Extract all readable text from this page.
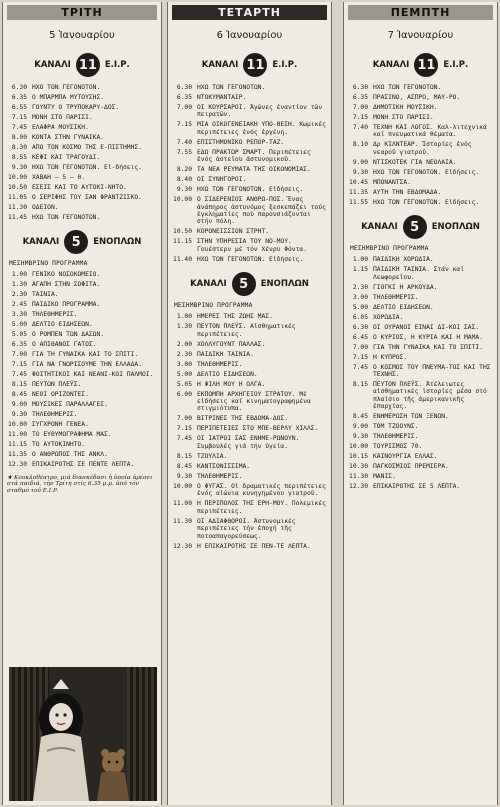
ΤΡΙΤΗ
5 Ἰανουαρίου
ΚΑΝΑΛΙ 11 Ε.Ι.Ρ.
6.30 ΗΧΟ ΤΟΝ ΓΕΓΟΝΟΤΟΝ.
6.35 Ο ΜΠΑΡΜΠΑ ΜΥΤΟΥΣΗΣ.
6.55 ΓΟΥΝΤΥ Ο ΤΡΥΠΟΚΑΡΥ-ΔΟΣ.
7.15 ΜΟΝΗ ΣΤΟ ΠΑΡΙΣΙ.
7.45 ΕΛΑΦΡΑ ΜΟΥΣΙΚΗ.
8.00 ΚΟΝΤΑ ΣΤΗΝ ΓΥΝΑΙΚΑ.
8.30 ΑΠΟ ΤΟΝ ΚΟΣΜΟ ΤΗΣ Ε-ΠΙΣΤΗΜΗΣ.
8.55 ΚΕΦΙ ΚΑΙ ΤΡΑΓΟΥΔΙ.
9.30 ΗΧΩ ΤΩΝ ΓΕΓΟΝΟΤΩΝ. Εἰ-δήσεις.
10.00 ΧΑΒΑΗ — 5 — 0.
10.50 ΕΣΕΙΣ ΚΑΙ ΤΟ ΑΥΤΟΚΙ-ΝΗΤΟ.
11.05 Ο ΣΕΡΙΦΗΣ ΤΟΥ ΣΑΝ ΦΡΑΝΤΖΙΣΚΟ.
11.30 ΟΔΕΙΟΝ.
11.45 ΗΧΩ ΤΩΝ ΓΕΓΟΝΟΤΩΝ.
ΚΑΝΑΛΙ 5	ΕΝΟΠΛΩΝ
ΜΕΣΗΜΒΡΙΝΟ ΠΡΟΓΡΑΜΜΑ
1.00 ΓΕΝΙΚΟ ΝΟΣΟΚΟΜΕΙΟ.
1.30 ΑΓΑΠΗ ΣΤΗΝ ΣΟΦΙΤΑ.
2.30 ΤΑΙΝΙΑ.
2.45 ΠΑΙΔΙΚΟ ΠΡΟΓΡΑΜΜΑ.
3.30 ΤΗΛΕΘΗΜΕΡΙΣ.
5.00 ΔΕΛΤΙΟ ΕΙΔΗΣΕΩΝ.
5.05 Ο ΡΟΜΠΕΝ ΤΩΝ ΔΑΣΩΝ.
6.35 Ο ΑΠΙΘΑΝΟΣ ΓΑΤΟΣ.
7.00 ΓΙΑ ΤΗ ΓΥΝΑΙΚΑ ΚΑΙ ΤΟ ΣΠΙΤΙ.
7.15 ΓΙΑ ΝΑ ΓΝΩΡΙΣΟΥΜΕ ΤΗΝ ΕΛΛΑΔΑ.
7.45 ΦΟΙΤΗΤΙΚΟΙ ΚΑΙ ΝΕΑΝΙ-ΚΟΙ ΠΑΛΜΟΙ.
8.15 ΠΕΥΤΩΝ ΠΛΕΫΣ.
8.45 ΝΕΟΙ ΟΡΙΖΟΝΤΕΣ.
9.00 ΜΟΥΣΙΚΕΣ ΠΑΡΑΛΛΑΓΕΣ.
9.30 ΤΗΛΕΘΗΜΕΡΙΣ.
10.00 ΣΥΓΧΡΟΝΗ ΓΕΝΕΑ.
11.00 ΤΟ ΕΥΘΥΜΟΓΡΑΦΗΜΑ ΜΑΣ.
11.15 ΤΟ ΑΥΤΟΚΙΝΗΤΟ.
11.35 Ο ΑΝΘΡΩΠΟΣ ΤΗΣ ΑΝΚΛ.
12.30 ΕΠΙΚΑΙΡΟΤΗΣ ΣΕ ΠΕΝΤΕ ΛΕΠΤΑ.
★ Κουκλοθέατρο, μιά διασκέδασι ἡ ὁποία ἀρέσει στά παιδιά, τήν Τρίτη στίς 6.35 μ.μ. ἀπό τόν σταθμό τοῦ Ε.Ι.Ρ.
ΤΕΤΑΡΤΗ
6 Ἰανουαρίου
ΚΑΝΑΛΙ 11 Ε.Ι.Ρ.
6.30 ΗΧΩ ΤΩΝ ΓΕΓΟΝΟΤΩΝ.
6.35 ΝΤΟΚΥΜΑΝΤΑΙΡ.
7.00 ΟΙ ΚΟΥΡΣΑΡΟΙ. Ἀγῶνες ἐναντίον τῶν πειρατῶν.
7.15 ΜΙΑ ΟΙΚΟΓΕΝΕΙΑΚΗ ΥΠΟ-ΘΕΣΗ. Κωμικές περιπέτειες ἑνός ἐργένη.
7.40 ΕΠΙΣΤΗΜΟΝΙΚΟ ΡΕΠΟΡ-ΤΑΖ.
7.55 ΕΔΩ ΠΡΑΚΤΩΡ ΣΜΑΡΤ. Περιπέτειες ἑνός ἀστεῖου ἀστυνομικοῦ.
8.20 ΤΑ ΝΕΑ ΡΕΥΜΑΤΑ ΤΗΣ ΟΙΚΟΝΟΜΙΑΣ.
8.40 ΟΙ ΣΥΝΗΓΟΡΟΙ.
9.30 ΗΧΩ ΤΩΝ ΓΕΓΟΝΟΤΩΝ. Εἰδήσεις.
10.00 Ο ΣΙΔΕΡΕΝΙΟΣ ΑΝΘΡΩ-ΠΟΣ. Ἕνας ἀνάπηρος ἀστυνόμος ξεσκεπάζει τούς ἐγκληματίες ποὺ παρουσιάζονται στήν πόλη.
10.50 ΚΟΡΟΝΕΙΣΣΙΟΝ ΣΤΡΗΤ.
11.15 ΣΤΗΝ ΥΠΗΡΕΣΙΑ ΤΟΥ ΝΟ-ΜΟΥ. Γουέστερν μέ τόν Χένρυ Φόντα.
11.40 ΗΧΩ ΤΩΝ ΓΕΓΟΝΟΤΩΝ. Εἰδήσεις.
ΚΑΝΑΛΙ 5	ΕΝΟΠΛΩΝ
ΜΕΣΗΜΒΡΙΝΟ ΠΡΟΓΡΑΜΜΑ
1.00 ΗΜΕΡΕΣ ΤΗΣ ΖΩΗΣ ΜΑΣ.
1.30 ΠΕΥΤΟΝ ΠΛΕΫΣ. Αἰσθηματικές περιπέτειες.
2.00 ΧΟΛΛΥΓΟΥΝΤ ΠΑΛΛΑΣ.
2.30 ΠΑΙΔΙΚΗ ΤΑΙΝΙΑ.
3.00 ΤΗΛΕΘΗΜΕΡΙΣ.
5.00 ΔΕΛΤΙΟ ΕΙΔΗΣΕΩΝ.
5.05 Η ΦΙΛΗ ΜΟΥ Η ΟΛΓΑ.
6.00 ΕΚΠΟΜΠΗ ΑΡΧΗΓΕΙΟΥ ΣΤΡΑΤΟΥ. Μέ εἰδήσεις καί κινηματογραφημένα στιγμιότυπα.
7.00 ΒΙΤΡΙΝΕΣ ΤΗΣ ΕΒΔΟΜΑ-ΔΟΣ.
7.15 ΠΕΡΙΠΕΤΕΙΕΣ ΣΤΟ ΜΠΕ-ΒΕΡΛΥ ΧΙΛΛΣ.
7.45 ΟΙ ΙΑΤΡΟΙ ΣΑΣ ΕΝΗΜΕ-ΡΩΝΟΥΝ. Συμβουλές γιά τήν ὑγεία.
8.15 ΤΖΟΥΛΙΑ.
8.45 ΚΑΝΤΣΟΝΙΣΣΙΜΑ.
9.30 ΤΗΛΕΘΗΜΕΡΙΣ.
10.00 Ο ΦΥΓΑΣ. Οἱ δραματικές περιπέτειες ἑνός αἰώνια κυνηγημένου γιατροῦ.
11.00 Η ΠΕΡΙΠΟΛΟΣ ΤΗΣ ΕΡΗ-ΜΟΥ. Πολεμικές περιπέτειες.
11.30 ΟΙ ΑΔΙΑΦΘΟΡΟΙ. Ἀστυνομικές περιπέτειες τήν ἐποχή τῆς ποτοαπαγορεύσεως.
12.30 Η ΕΠΙΚΑΙΡΟΤΗΣ ΣΕ ΠΕΝ-ΤΕ ΛΕΠΤΑ.
ΠΕΜΠΤΗ
7 Ἰανουαρίου
ΚΑΝΑΛΙ 11 Ε.Ι.Ρ.
6.30 ΗΧΩ ΤΩΝ ΓΕΓΟΝΟΤΩΝ.
6.35 ΠΡΑΣΙΝΟ, ΑΣΠΡΟ, ΜΑΥ-ΡΟ.
7.00 ΔΗΜΟΤΙΚΗ ΜΟΥΣΙΚΗ.
7.15 ΜΟΝΗ ΣΤΟ ΠΑΡΙΣΙ.
7.40 ΤΕΧΝΗ ΚΑΙ ΛΟΓΟΣ. Καλ-λιτεχνικά καί πνευματικά θέματα.
8.10 Δρ ΚΙΛΝΤΕΑΡ. Ἱστορίες ἑνός νεαροῦ γιατροῦ.
9.00 ΝΤΙΣΚΟΤΕΚ ΓΙΑ ΝΕΟΛΑΙΑ.
9.30 ΗΧΩ ΤΩΝ ΓΕΓΟΝΟΤΩΝ. Εἰδήσεις.
10.45 ΜΠΟΝΑΝΤΣΑ.
11.35 ΑΥΤΗ ΤΗΝ ΕΒΔΟΜΑΔΑ.
11.55 ΗΧΩ ΤΩΝ ΓΕΓΟΝΟΤΩΝ. Εἰδήσεις.
ΚΑΝΑΛΙ 5	ΕΝΟΠΛΩΝ
ΜΕΣΗΜΒΡΙΝΟ ΠΡΟΓΡΑΜΜΑ
1.00 ΠΑΙΔΙΚΗ ΧΟΡΩΔΙΑ.
1.15 ΠΑΙΔΙΚΗ ΤΑΙΝΙΑ. Στάν καί Λεωφορεῖου.
2.30 ΓΙΟΓΚΙ Η ΑΡΚΟΥΔΑ.
3.00 ΤΗΛΕΘΗΜΕΡΙΣ.
5.00 ΔΕΛΤΙΟ ΕΙΔΗΣΕΩΝ.
6.05 ΧΟΡΩΔΙΑ.
6.30 ΟΙ ΟΥΡΑΝΟΙ ΕΙΝΑΙ ΔΙ-ΚΟΙ ΣΑΣ.
6.45 Ο ΚΥΡΙΟΣ, Η ΚΥΡΙΑ ΚΑΙ Η ΜΑΜΑ.
7.00 ΓΙΑ ΤΗΝ ΓΥΝΑΙΚΑ ΚΑΙ ΤΟ ΣΠΙΤΙ.
7.15 Η ΚΥΠΡΟΣ.
7.45 Ο ΚΟΣΜΟΣ ΤΟΥ ΠΝΕΥΜΑ-ΤΟΣ ΚΑΙ ΤΗΣ ΤΕΧΝΗΣ.
8.15 ΠΕΥΤΟΝ ΠΛΕΫΣ. Ἀτέλειωτες αἰσθηματικές ἱστορίες μέσα στό πλαίσιο τῆς ἀμερικανικῆς ἐπαρχίας.
8.45 ΕΝΗΜΕΡΩΣΗ ΤΩΝ ΞΕΝΩΝ.
9.00 ΤΟΜ ΤΖΟΟΥΝΣ.
9.30 ΤΗΛΕΘΗΜΕΡΙΣ.
10.00 ΤΟΥΡΙΣΜΟΣ 70.
10.15 ΚΑΙΝΟΥΡΓΙΑ ΕΛΛΑΣ.
10.30 ΠΑΓΚΟΣΜΙΟΣ ΠΡΕΜΙΕΡΑ.
11.30 ΜΑΝΙΣ.
12.30 ΕΠΙΚΑΙΡΟΤΗΣ ΣΕ 5 ΛΕΠΤΑ.
